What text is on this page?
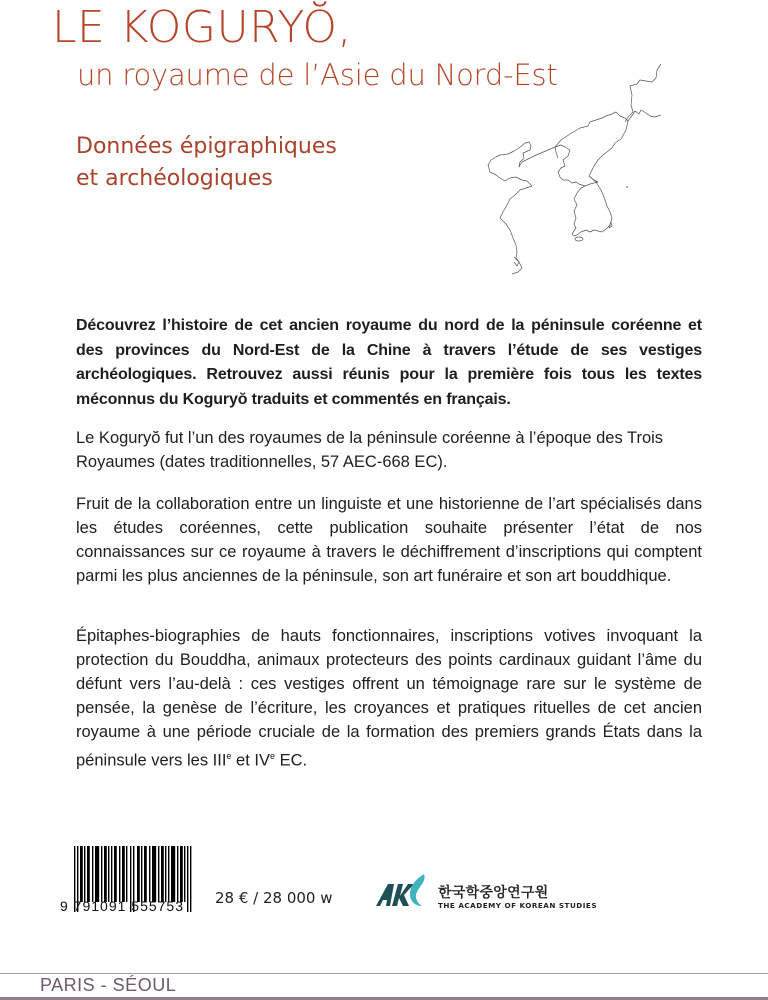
LE KOGURYŎ,
un royaume de l’Asie du Nord-Est
Données épigraphiques
et archéologiques

Découvrez l’histoire de cet ancien royaume du nord de la péninsule coréenne et des provinces du Nord-Est de la Chine à travers l’étude de ses vestiges archéologiques. Retrouvez aussi réunis pour la première fois tous les textes méconnus du Koguryŏ traduits et commentés en français.

Le Koguryŏ fut l’un des royaumes de la péninsule coréenne à l’époque des Trois Royaumes (dates traditionnelles, 57 AEC-668 EC).

Fruit de la collaboration entre un linguiste et une historienne de l’art spécialisés dans les études coréennes, cette publication souhaite présenter l’état de nos connaissances sur ce royaume à travers le déchiffrement d’inscriptions qui comptent parmi les plus anciennes de la péninsule, son art funéraire et son art bouddhique.

Épitaphes-biographies de hauts fonctionnaires, inscriptions votives invoquant la protection du Bouddha, animaux protecteurs des points cardinaux guidant l’âme du défunt vers l’au-delà : ces vestiges offrent un témoignage rare sur le système de pensée, la genèse de l’écriture, les croyances et pratiques rituelles de cet ancien royaume à une période cruciale de la formation des premiers grands États dans la péninsule vers les IIIe et IVe EC.

9 791091 555753 28 € / 28 000 w	한국학중앙연구원
THE ACADEMY OF KOREAN STUDIES
PARIS - SÉOUL
